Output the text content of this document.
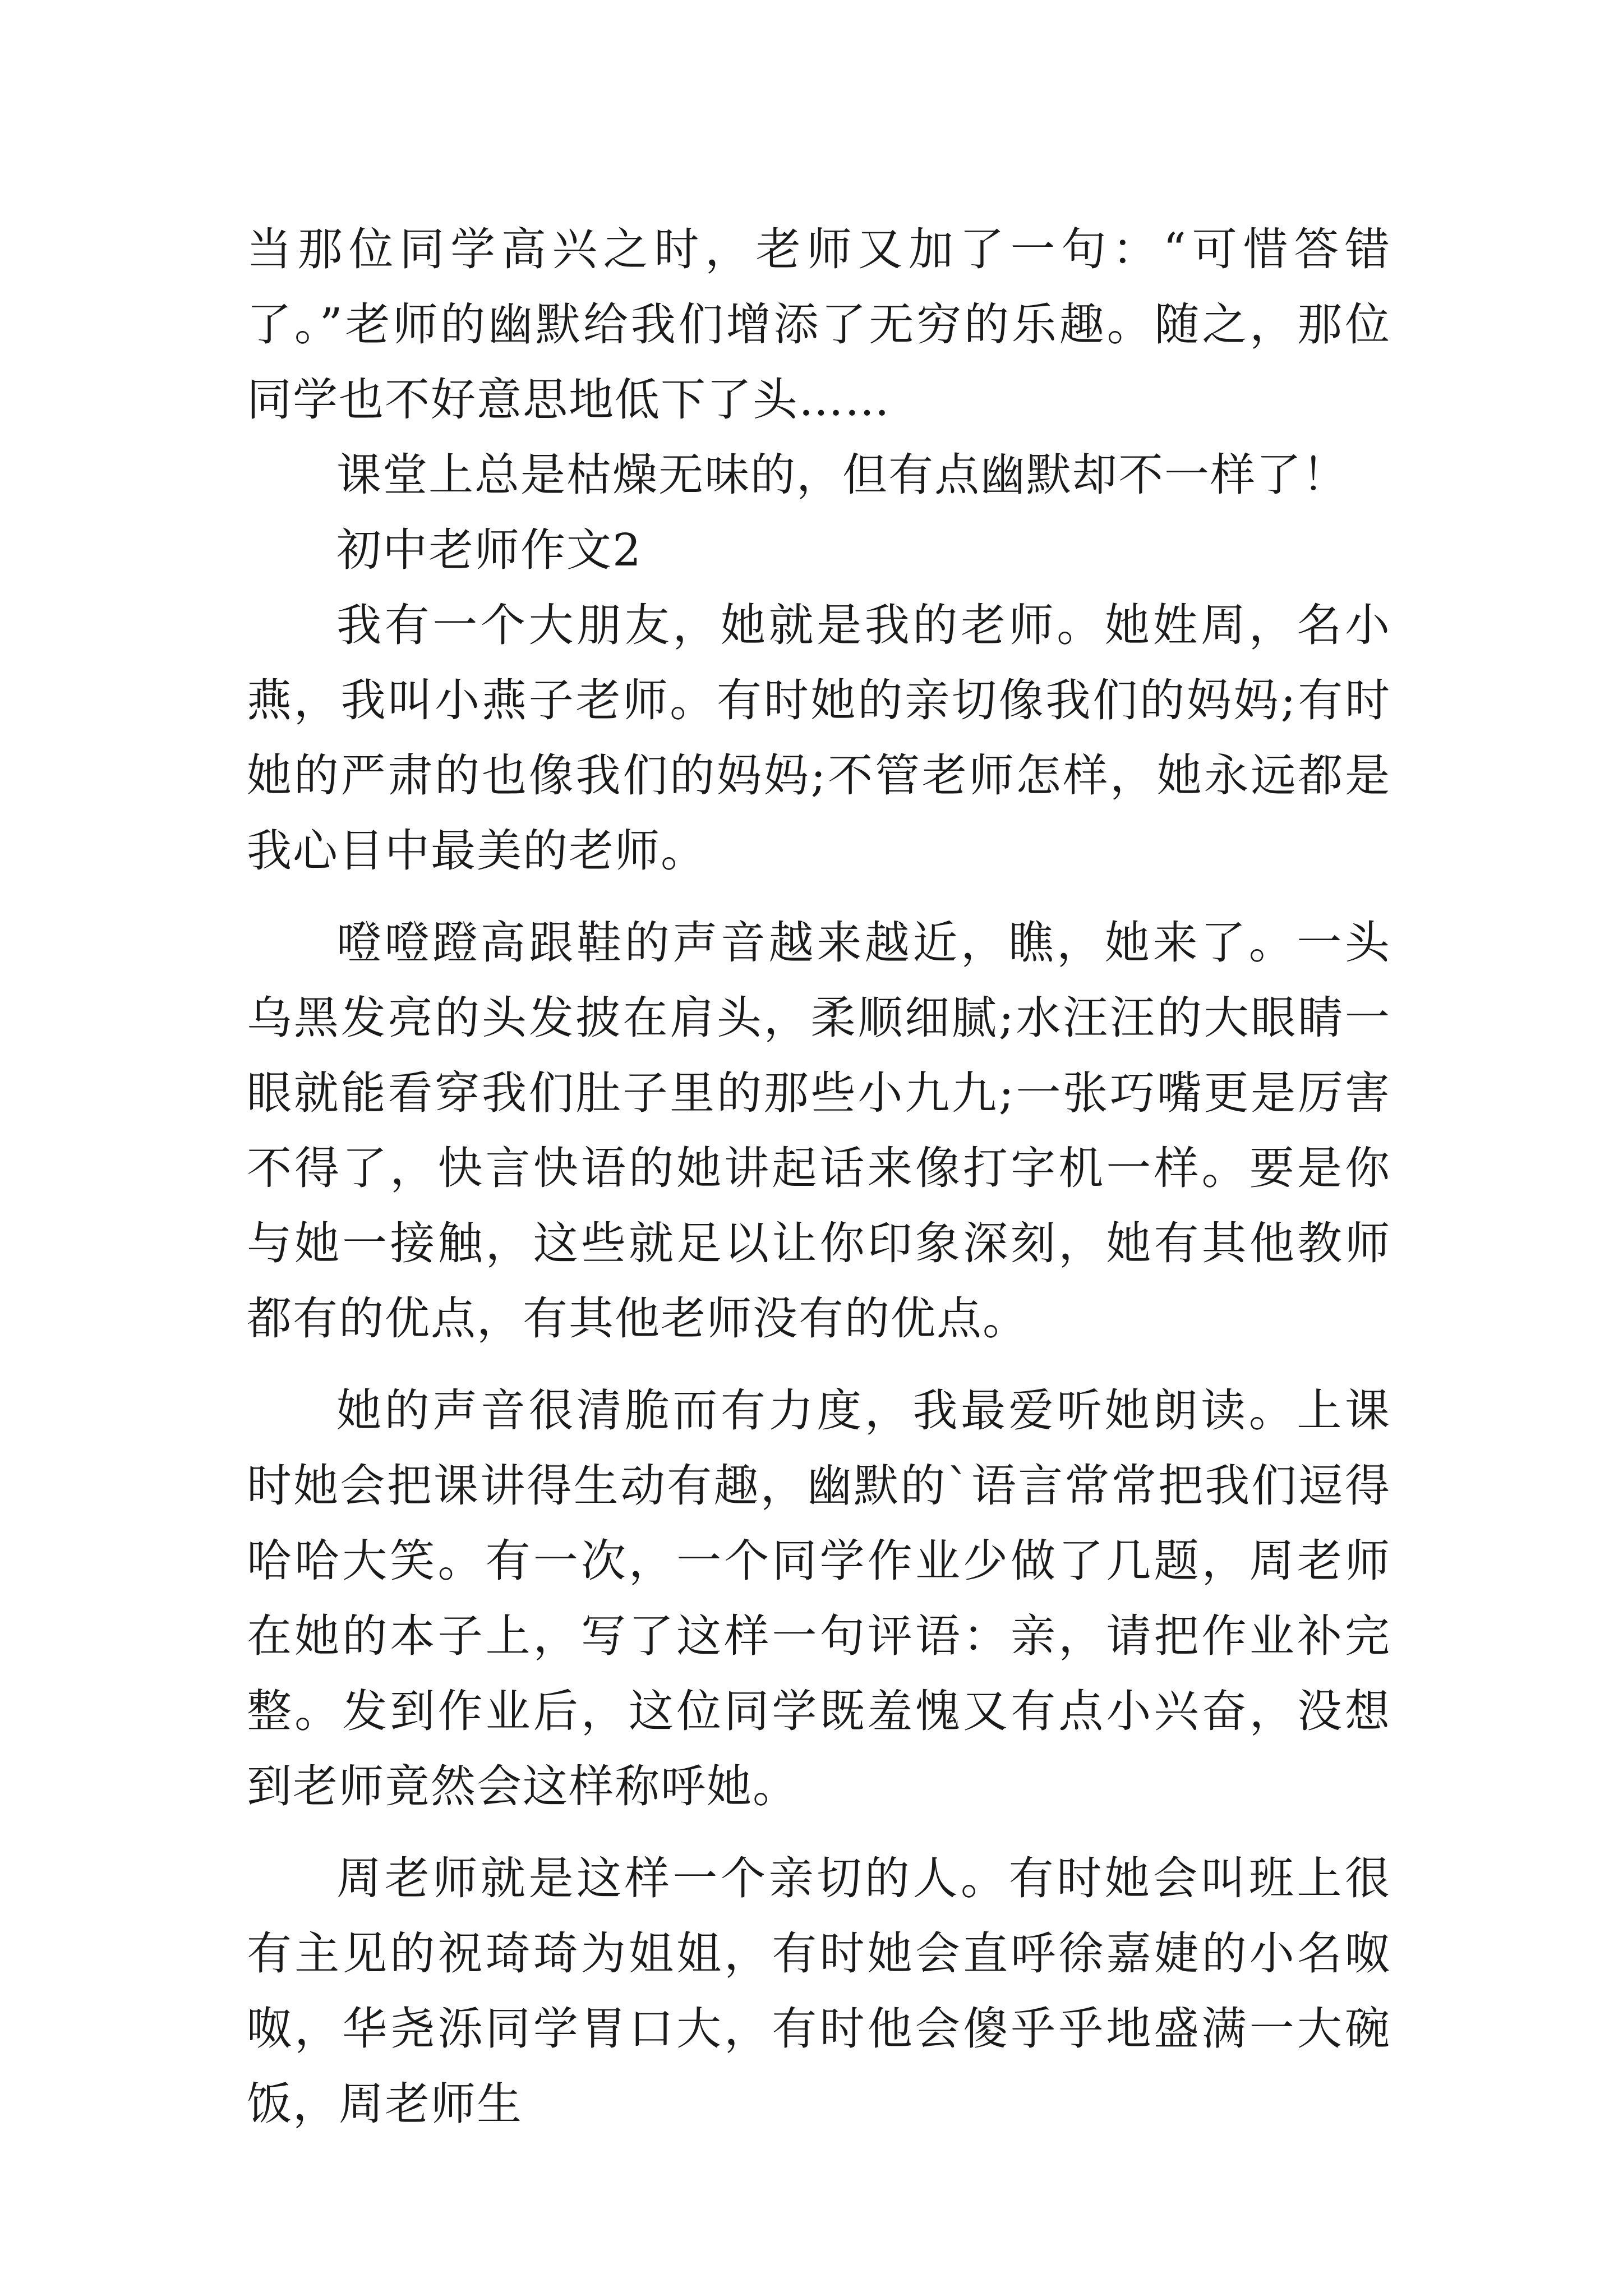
当那位同学高兴之时，老师又加了一句：“可惜答错了。”老师的幽默给我们增添了无穷的乐趣。随之，那位同学也不好意思地低下了头……

课堂上总是枯燥无味的，但有点幽默却不一样了！

初中老师作文2

我有一个大朋友，她就是我的老师。她姓周，名小燕，我叫小燕子老师。有时她的亲切像我们的妈妈;有时她的严肃的也像我们的妈妈;不管老师怎样，她永远都是我心目中最美的老师。

噔噔蹬高跟鞋的声音越来越近，瞧，她来了。一头乌黑发亮的头发披在肩头，柔顺细腻;水汪汪的大眼睛一眼就能看穿我们肚子里的那些小九九;一张巧嘴更是厉害不得了，快言快语的她讲起话来像打字机一样。要是你与她一接触，这些就足以让你印象深刻，她有其他教师都有的优点，有其他老师没有的优点。

她的声音很清脆而有力度，我最爱听她朗读。上课时她会把课讲得生动有趣，幽默的`语言常常把我们逗得哈哈大笑。有一次，一个同学作业少做了几题，周老师在她的本子上，写了这样一句评语：亲，请把作业补完整。发到作业后，这位同学既羞愧又有点小兴奋，没想到老师竟然会这样称呼她。

周老师就是这样一个亲切的人。有时她会叫班上很有主见的祝琦琦为姐姐，有时她会直呼徐嘉婕的小名呶呶，华尧泺同学胃口大，有时他会傻乎乎地盛满一大碗饭，周老师生
